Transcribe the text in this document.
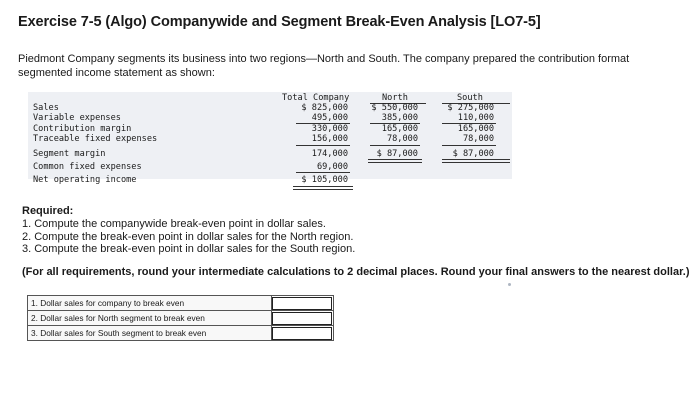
Exercise 7-5 (Algo) Companywide and Segment Break-Even Analysis [LO7-5]
Piedmont Company segments its business into two regions—North and South. The company prepared the contribution format segmented income statement as shown:
Total Company	North	South
Sales	$ 825,000	$ 550,000	$ 275,000
Variable expenses	495,000	385,000	110,000
Contribution margin	330,000	165,000	165,000
Traceable fixed expenses	156,000	78,000	78,000
Segment margin	174,000	$ 87,000	$ 87,000
Common fixed expenses	69,000
Net operating income	$ 105,000
Required:
1. Compute the companywide break-even point in dollar sales.
2. Compute the break-even point in dollar sales for the North region.
3. Compute the break-even point in dollar sales for the South region.
(For all requirements, round your intermediate calculations to 2 decimal places. Round your final answers to the nearest dollar.)
1. Dollar sales for company to break even	
2. Dollar sales for North segment to break even	
3. Dollar sales for South segment to break even	
